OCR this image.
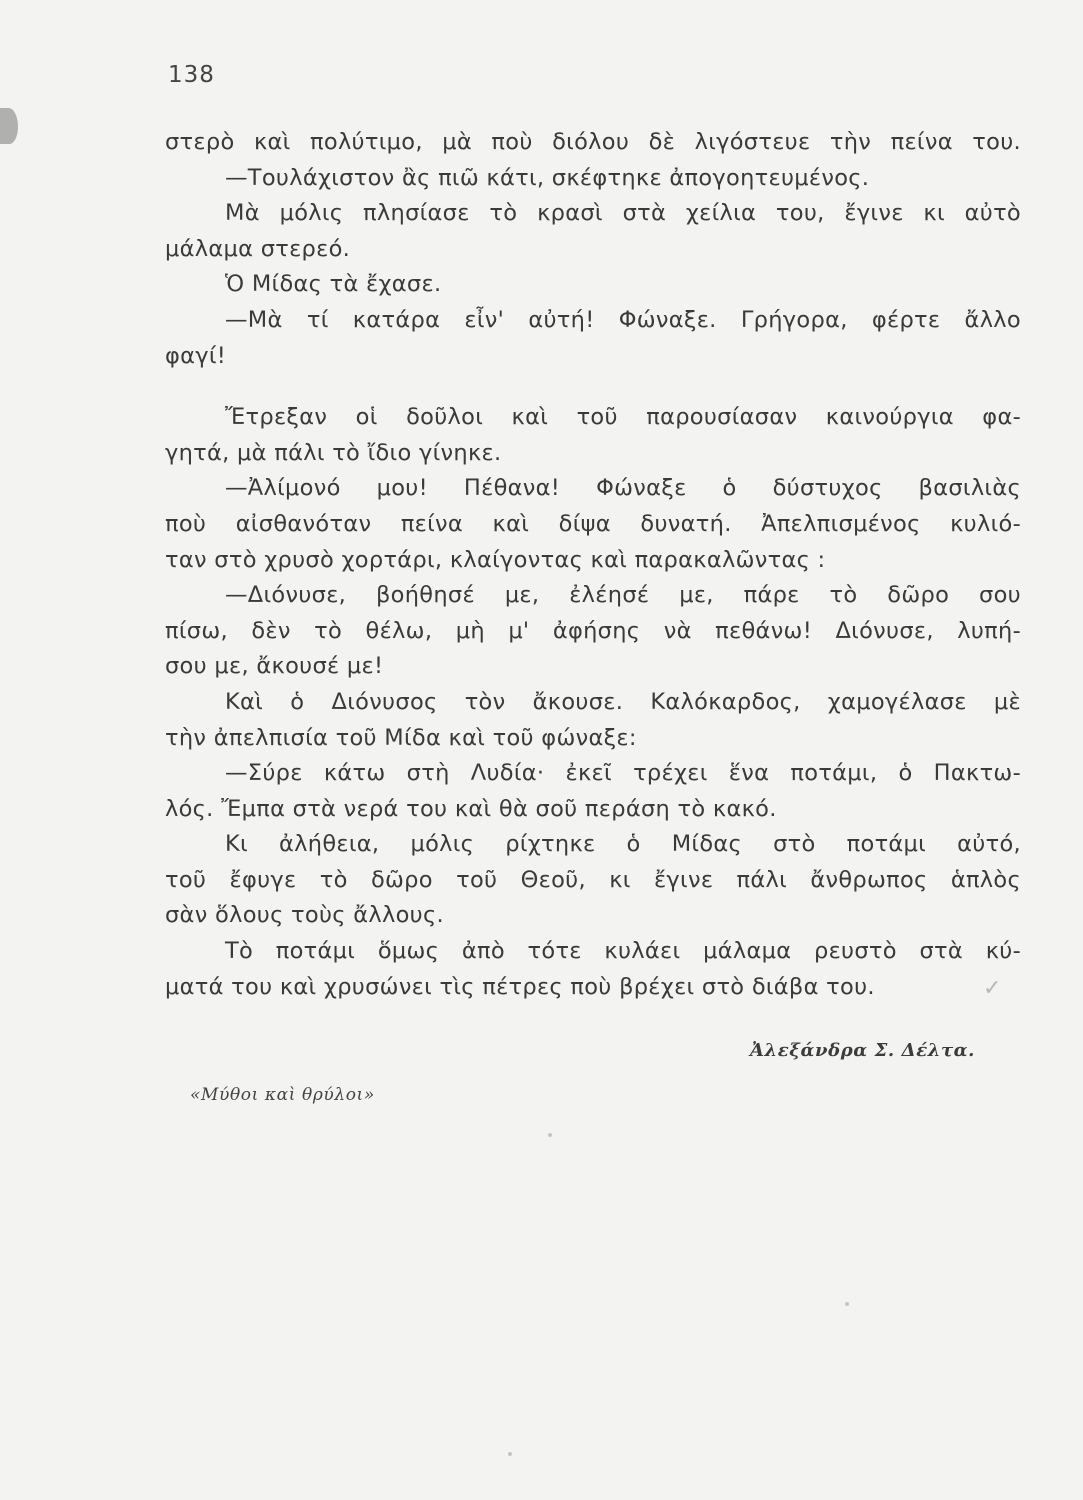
138
στερὸ καὶ πολύτιμο, μὰ ποὺ διόλου δὲ λιγόστευε τὴν πείνα του.
—Τουλάχιστον ἂς πιῶ κάτι, σκέφτηκε ἀπογοητευμένος.
Μὰ μόλις πλησίασε τὸ κρασὶ στὰ χείλια του, ἔγινε κι αὐτὸ
μάλαμα στερεό.
Ὁ Μίδας τὰ ἔχασε.
—Μὰ τί κατάρα εἶν' αὐτή! Φώναξε. Γρήγορα, φέρτε ἄλλο
φαγί!
Ἔτρεξαν οἱ δοῦλοι καὶ τοῦ παρουσίασαν καινούργια φα-
γητά, μὰ πάλι τὸ ἴδιο γίνηκε.
—Ἀλίμονό μου! Πέθανα! Φώναξε ὁ δύστυχος βασιλιὰς
ποὺ αἰσθανόταν πείνα καὶ δίψα δυνατή. Ἀπελπισμένος κυλιό-
ταν στὸ χρυσὸ χορτάρι, κλαίγοντας καὶ παρακαλῶντας :
—Διόνυσε, βοήθησέ με, ἐλέησέ με, πάρε τὸ δῶρο σου
πίσω, δὲν τὸ θέλω, μὴ μ' ἀφήσης νὰ πεθάνω! Διόνυσε, λυπή-
σου με, ἄκουσέ με!
Καὶ ὁ Διόνυσος τὸν ἄκουσε. Καλόκαρδος, χαμογέλασε μὲ
τὴν ἀπελπισία τοῦ Μίδα καὶ τοῦ φώναξε:
—Σύρε κάτω στὴ Λυδία· ἐκεῖ τρέχει ἕνα ποτάμι, ὁ Πακτω-
λός. Ἔμπα στὰ νερά του καὶ θὰ σοῦ περάση τὸ κακό.
Κι ἀλήθεια, μόλις ρίχτηκε ὁ Μίδας στὸ ποτάμι αὐτό,
τοῦ ἔφυγε τὸ δῶρο τοῦ Θεοῦ, κι ἔγινε πάλι ἄνθρωπος ἁπλὸς
σὰν ὅλους τοὺς ἄλλους.
Τὸ ποτάμι ὅμως ἀπὸ τότε κυλάει μάλαμα ρευστὸ στὰ κύ-
ματά του καὶ χρυσώνει τὶς πέτρες ποὺ βρέχει στὸ διάβα του.	✓
Ἀλεξάνδρα Σ. Δέλτα.
«Μύθοι καὶ θρύλοι»
